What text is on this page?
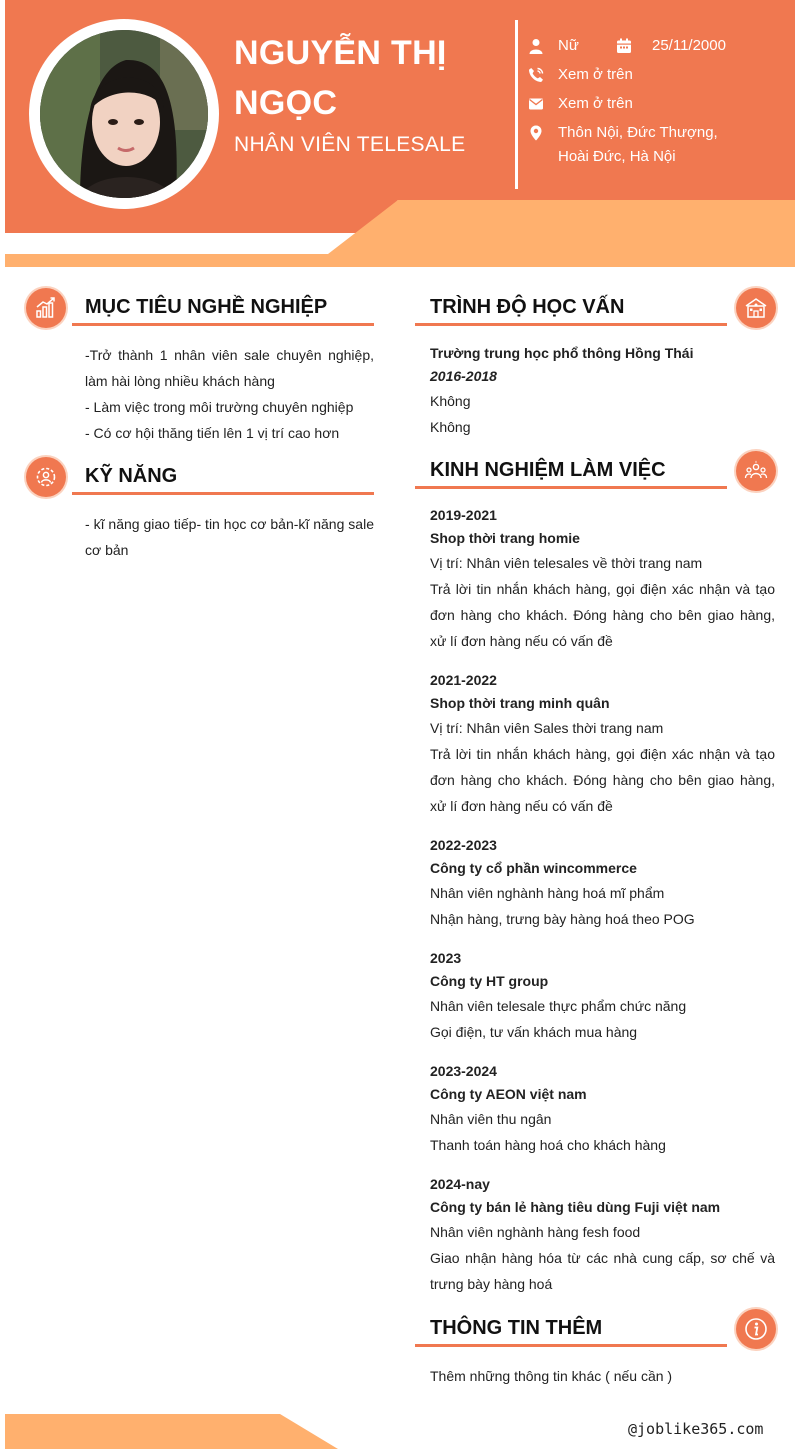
NGUYỄN THỊ NGỌC
NHÂN VIÊN TELESALE
Nữ	25/11/2000
Xem ở trên
Xem ở trên
Thôn Nội, Đức Thượng,
Hoài Đức, Hà Nội
MỤC TIÊU NGHỀ NGHIỆP
-Trở thành 1 nhân viên sale chuyên nghiệp, làm hài lòng nhiều khách hàng
- Làm việc trong môi trường chuyên nghiệp
- Có cơ hội thăng tiến lên 1 vị trí cao hơn
KỸ NĂNG
- kĩ năng giao tiếp- tin học cơ bản-kĩ năng sale cơ bản
TRÌNH ĐỘ HỌC VẤN
Trường trung học phổ thông Hồng Thái
2016-2018
Không
Không
KINH NGHIỆM LÀM VIỆC
2019-2021
Shop thời trang homie
Vị trí: Nhân viên telesales về thời trang nam
Trả lời tin nhắn khách hàng, gọi điện xác nhận và tạo đơn hàng cho khách. Đóng hàng cho bên giao hàng, xử lí đơn hàng nếu có vấn đề
2021-2022
Shop thời trang minh quân
Vị trí: Nhân viên Sales thời trang nam
Trả lời tin nhắn khách hàng, gọi điện xác nhận và tạo đơn hàng cho khách. Đóng hàng cho bên giao hàng, xử lí đơn hàng nếu có vấn đề
2022-2023
Công ty cổ phần wincommerce
Nhân viên nghành hàng hoá mĩ phẩm
Nhận hàng, trưng bày hàng hoá theo POG
2023
Công ty HT group
Nhân viên telesale thực phẩm chức năng
Gọi điện, tư vấn khách mua hàng
2023-2024
Công ty AEON việt nam
Nhân viên thu ngân
Thanh toán hàng hoá cho khách hàng
2024-nay
Công ty bán lẻ hàng tiêu dùng Fuji việt nam
Nhân viên nghành hàng fesh food
Giao nhận hàng hóa từ các nhà cung cấp, sơ chế và trưng bày hàng hoá
THÔNG TIN THÊM
Thêm những thông tin khác ( nếu cần )
@joblike365.com
